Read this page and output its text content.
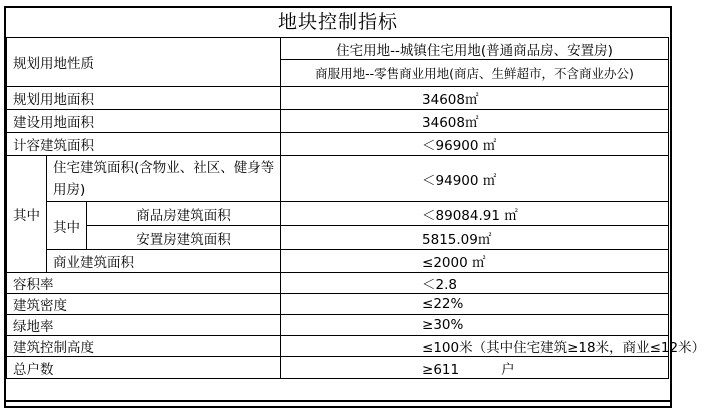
地块控制指标
规划用地性质			住宅用地--城镇住宅用地(普通商品房、安置房)
			商服用地--零售商业用地(商店、生鲜超市，不含商业办公)
规划用地面积			34608㎡
建设用地面积			34608㎡
计容建筑面积			＜96900 ㎡
其中	住宅建筑面积(含物业、社区、健身等用房)		＜94900 ㎡
	其中	商品房建筑面积	＜89084.91 ㎡
		安置房建筑面积	5815.09㎡
	商业建筑面积		≤2000 ㎡
容积率			＜2.8
建筑密度			≤22%
绿地率			≥30%
建筑控制高度			≤100米（其中住宅建筑≥18米，商业≤12米）
总户数			≥611 户
